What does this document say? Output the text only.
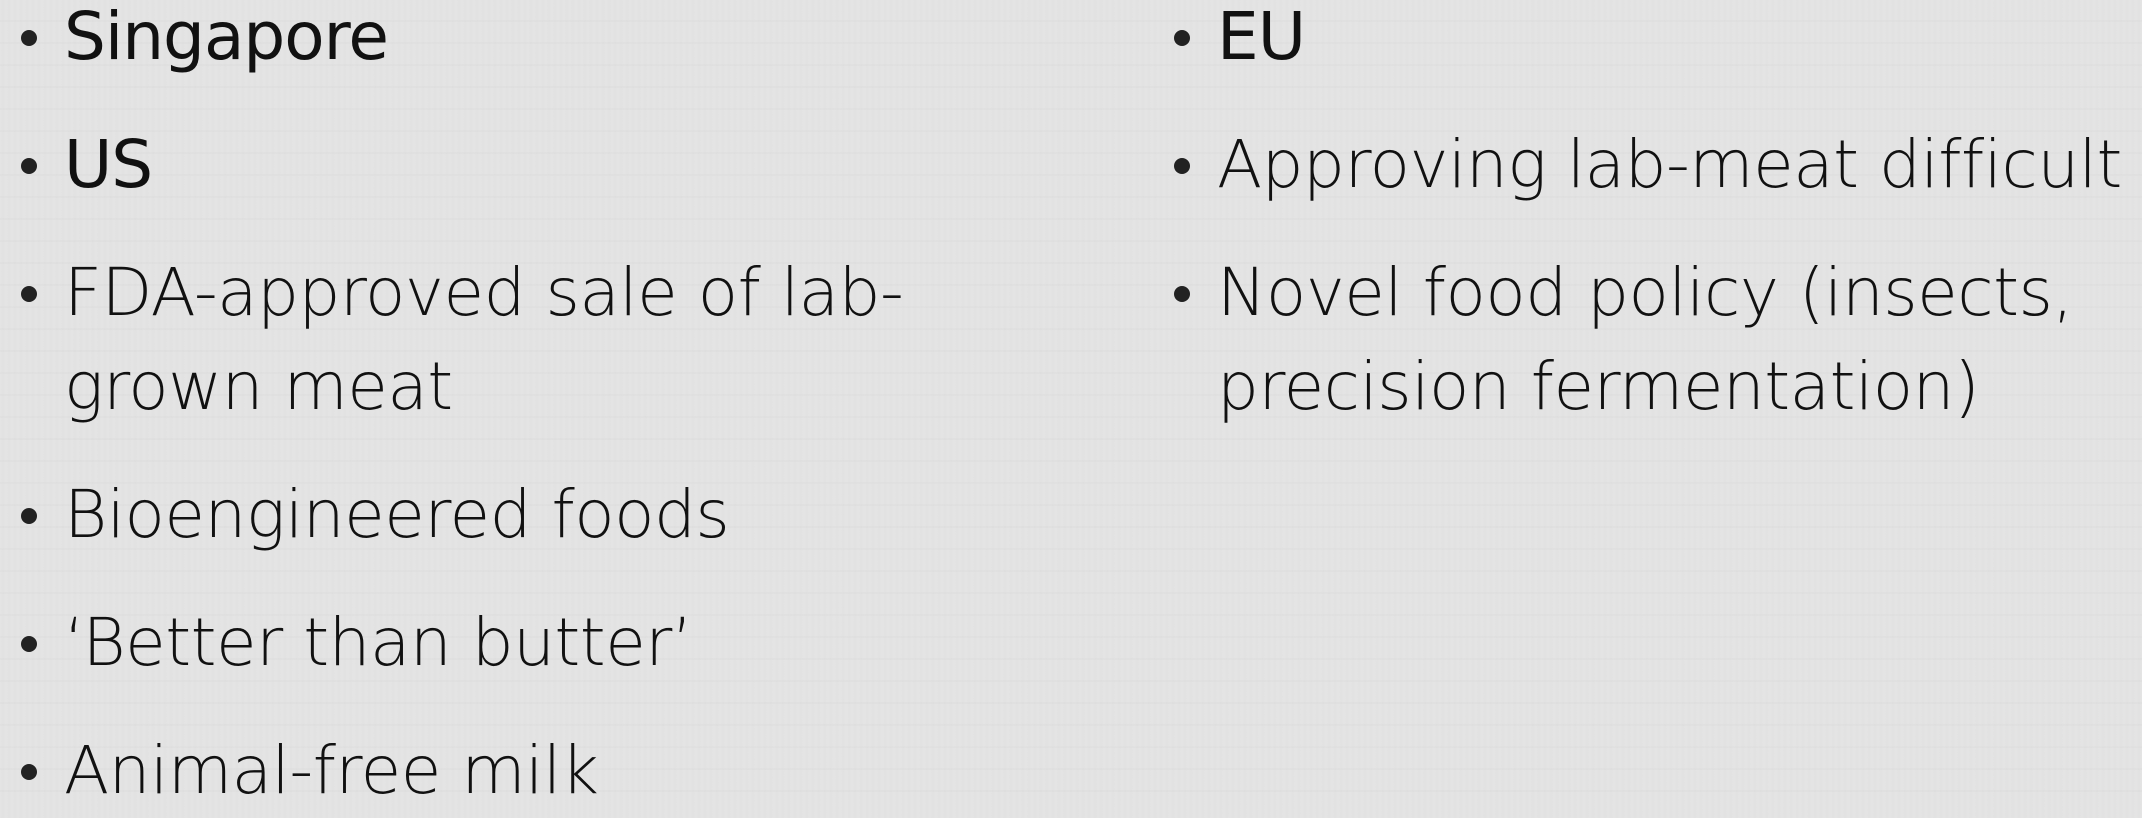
Singapore
US
FDA-approved sale of lab-grown meat
Bioengineered foods
‘Better than butter’
Animal-free milk
EU
Approving lab-meat difficult
Novel food policy (insects, precision fermentation)
